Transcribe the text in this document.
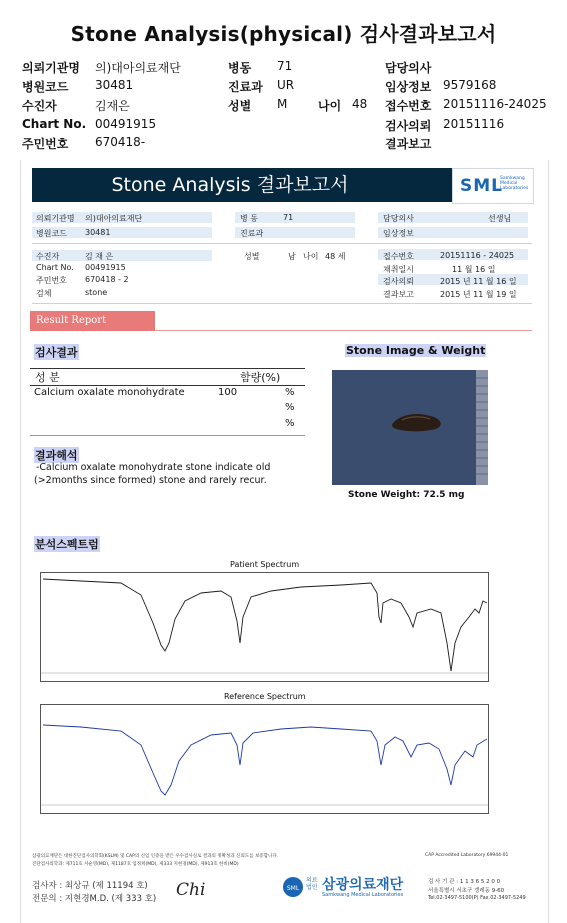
Stone Analysis(physical) 검사결과보고서
의뢰기관명 의)대아의료재단
병원코드 30481
수진자	김재은
Chart No. 00491915
주민번호 670418-
병동 71
진료과 UR
성별 M	나이 48
담당의사
임상정보 9579168
접수번호 20151116-24025
검사의뢰 20151116
결과보고
Stone Analysis 결과보고서	SML
Samkwang Medical Laboratories
의뢰기관명 의)대아의료재단
병원코드 30481
병 동	71
진료과
담당의사	선생님
임상정보
수진자	김 재 은
Chart No. 00491915
주민번호 670418 - 2
검체	stone
성별	남 나이 48 세	접수번호	20151116 - 24025
채취일시	11 월 16 일
검사의뢰	2015 년 11 월 16 일
결과보고	2015 년 11 월 19 일
Result Report
검사결과
성 분	함량(%)
Calcium oxalate monohydrate	100	%
%
%
결과해석
-Calcium oxalate monohydrate stone indicate old
(>2months since formed) stone and rarely recur.
Stone Image & Weight
Stone Weight: 72.5 mg
분석스펙트럼
Patient Spectrum
Reference Spectrum
삼광의료재단은 대한진단검사의학회(KSLM) 및 CAP의 신임 인증을 받은 우수검사실로 결과의 정확성과 신뢰도를 보증합니다.
진단검사의학과: 제711호 서순영(MD), 제1187호 임정희(MD), 제333 지현경(MD), 제913호 한비(MD)
CAP Accredited Laboratory 69944-01
검사자 : 최상규 (제 11194 호)
전문의 : 지현경M.D. (제 333 호) Chi	SML
의료법인 삼광의료재단
Samkwang Medical Laboratories
검 사 기 관 : 1 1 3 6 5 2 0 0
서울특별시 서초구 갱레동 9-60
Tel.02-3497-5100(P) Fax.02-3497-5249
